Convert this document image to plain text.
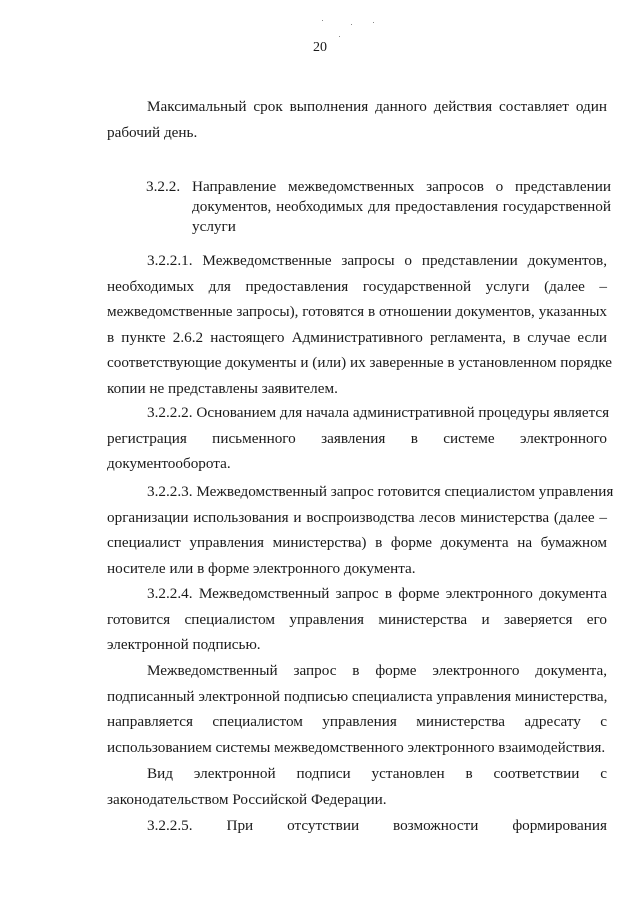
20
Максимальный срок выполнения данного действия составляет один
рабочий день.
3.2.2. Направление межведомственных запросов о представлении
документов, необходимых для предоставления государственной
услуги
3.2.2.1. Межведомственные запросы о представлении документов,
необходимых для предоставления государственной услуги (далее –
межведомственные запросы), готовятся в отношении документов, указанных
в пункте 2.6.2 настоящего Административного регламента, в случае если
соответствующие документы и (или) их заверенные в установленном порядке
копии не представлены заявителем.
3.2.2.2. Основанием для начала административной процедуры является
регистрация письменного заявления в системе электронного
документооборота.
3.2.2.3. Межведомственный запрос готовится специалистом управления
организации использования и воспроизводства лесов министерства (далее –
специалист управления министерства) в форме документа на бумажном
носителе или в форме электронного документа.
3.2.2.4. Межведомственный запрос в форме электронного документа
готовится специалистом управления министерства и заверяется его
электронной подписью.
Межведомственный запрос в форме электронного документа,
подписанный электронной подписью специалиста управления министерства,
направляется специалистом управления министерства адресату с
использованием системы межведомственного электронного взаимодействия.
Вид электронной подписи установлен в соответствии с
законодательством Российской Федерации.
3.2.2.5. При отсутствии возможности формирования
